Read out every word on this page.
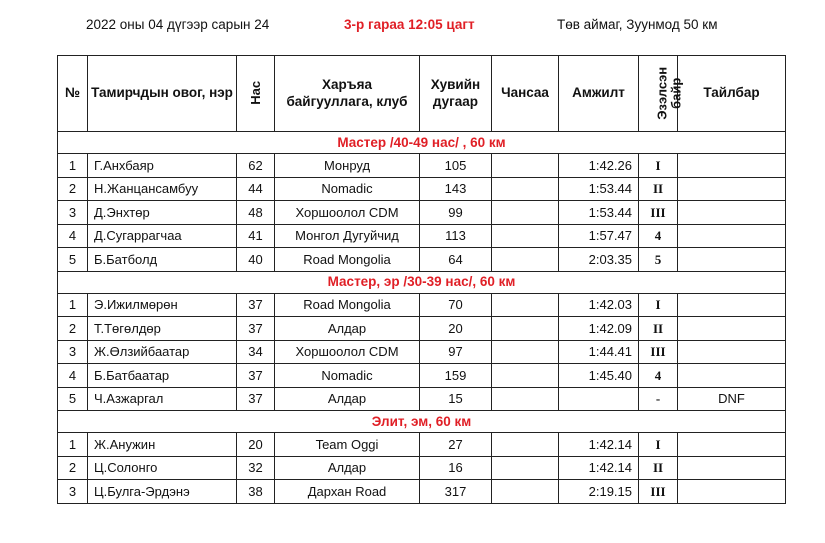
2022 оны 04 дүгээр сарын 24	3-р гараа 12:05 цагт	Төв аймаг, Зуунмод 50 км
№	Тамирчдын овог, нэр	Нас	Харъяа байгууллага, клуб	Хувийн дугаар	Чансаа	Амжилт	Эзэлсэн байр	Тайлбар
Мастер /40-49 нас/ , 60 км								
1	Г.Анхбаяр	62	Монруд	105		1:42.26	I	
2	Н.Жанцансамбуу	44	Nomadic	143		1:53.44	II	
3	Д.Энхтөр	48	Хоршоолол CDM	99		1:53.44	III	
4	Д.Сугаррагчаа	41	Монгол Дугуйчид	113		1:57.47	4	
5	Б.Батболд	40	Road Mongolia	64		2:03.35	5	
Мастер, эр /30-39 нас/, 60 км								
1	Э.Ижилмөрөн	37	Road Mongolia	70		1:42.03	I	
2	Т.Төгөлдөр	37	Алдар	20		1:42.09	II	
3	Ж.Өлзийбаатар	34	Хоршоолол CDM	97		1:44.41	III	
4	Б.Батбаатар	37	Nomadic	159		1:45.40	4	
5	Ч.Азжаргал	37	Алдар	15			-	DNF
Элит, эм, 60 км								
1	Ж.Анужин	20	Team Oggi	27		1:42.14	I	
2	Ц.Солонго	32	Алдар	16		1:42.14	II	
3	Ц.Булга-Эрдэнэ	38	Дархан Road	317		2:19.15	III	
